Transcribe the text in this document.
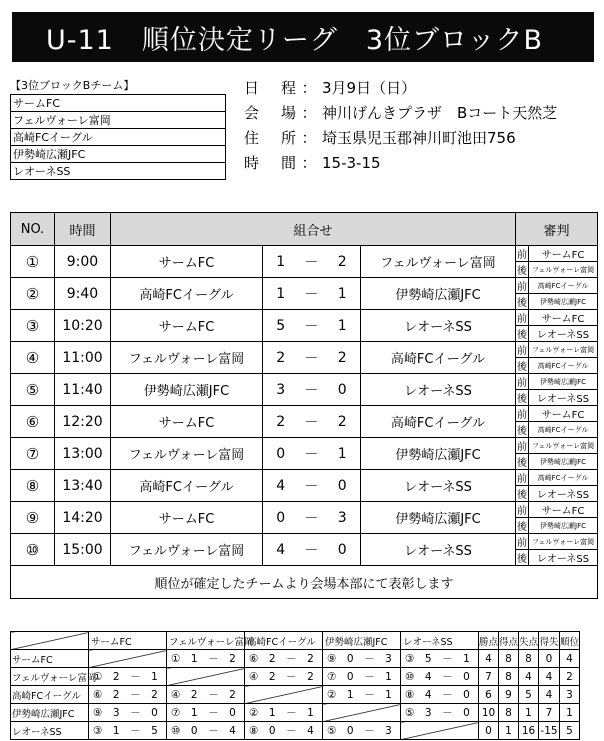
U-11　順位決定リーグ　3位ブロックB
【3位ブロックBチーム】
サームFC
フェルヴォーレ富岡
高崎FCイーグル
伊勢崎広瀬JFC
レオーネSS
日 程 ： 3月9日（日）
会 場 ： 神川げんきプラザ　Bコート天然芝
住 所 ： 埼玉県児玉郡神川町池田756
時 間 ： 15-3-15
NO.	時間	組合せ					審判	
①	9:00	サームFC	1	－	2	フェルヴォーレ富岡	前	サームFC
							後	フェルヴォーレ富岡
②	9:40	高崎FCイーグル	1	－	1	伊勢崎広瀬JFC	前	高崎FCイーグル
							後	伊勢崎広瀬JFC
③	10:20	サームFC	5	－	1	レオーネSS	前	サームFC
							後	レオーネSS
④	11:00	フェルヴォーレ富岡	2	－	2	高崎FCイーグル	前	フェルヴォーレ富岡
							後	高崎FCイーグル
⑤	11:40	伊勢崎広瀬JFC	3	－	0	レオーネSS	前	伊勢崎広瀬JFC
							後	レオーネSS
⑥	12:20	サームFC	2	－	2	高崎FCイーグル	前	サームFC
							後	高崎FCイーグル
⑦	13:00	フェルヴォーレ富岡	0	－	1	伊勢崎広瀬JFC	前	フェルヴォーレ富岡
							後	伊勢崎広瀬JFC
⑧	13:40	高崎FCイーグル	4	－	0	レオーネSS	前	高崎FCイーグル
							後	レオーネSS
⑨	14:20	サームFC	0	－	3	伊勢崎広瀬JFC	前	サームFC
							後	伊勢崎広瀬JFC
⑩	15:00	フェルヴォーレ富岡	4	－	0	レオーネSS	前	フェルヴォーレ富岡
							後	レオーネSS
順位が確定したチームより会場本部にて表彰します								
	サームFC	フェルヴォーレ富岡	高崎FCイーグル	伊勢崎広瀬JFC	レオーネSS	勝点	得点	失点	得失	順位
サームFC		①　1　－　2	⑥　2　－　2	⑨　0　－　3	③　5　－　1	4	8	8	0	4
フェルヴォーレ富岡	①　2　－　1		④　2　－　2	⑦　0　－　1	⑩　4　－　0	7	8	4	4	2
高崎FCイーグル	⑥　2　－　2	④　2　－　2		②　1　－　1	⑧　4　－　0	6	9	5	4	3
伊勢崎広瀬JFC	⑨　3　－　0	⑦　1　－　0	②　1　－　1		⑤　3　－　0	10	8	1	7	1
レオーネSS	③　1　－　5	⑩　0　－　4	⑧　0　－　4	⑤　0　－　3		0	1	16	-15	5
